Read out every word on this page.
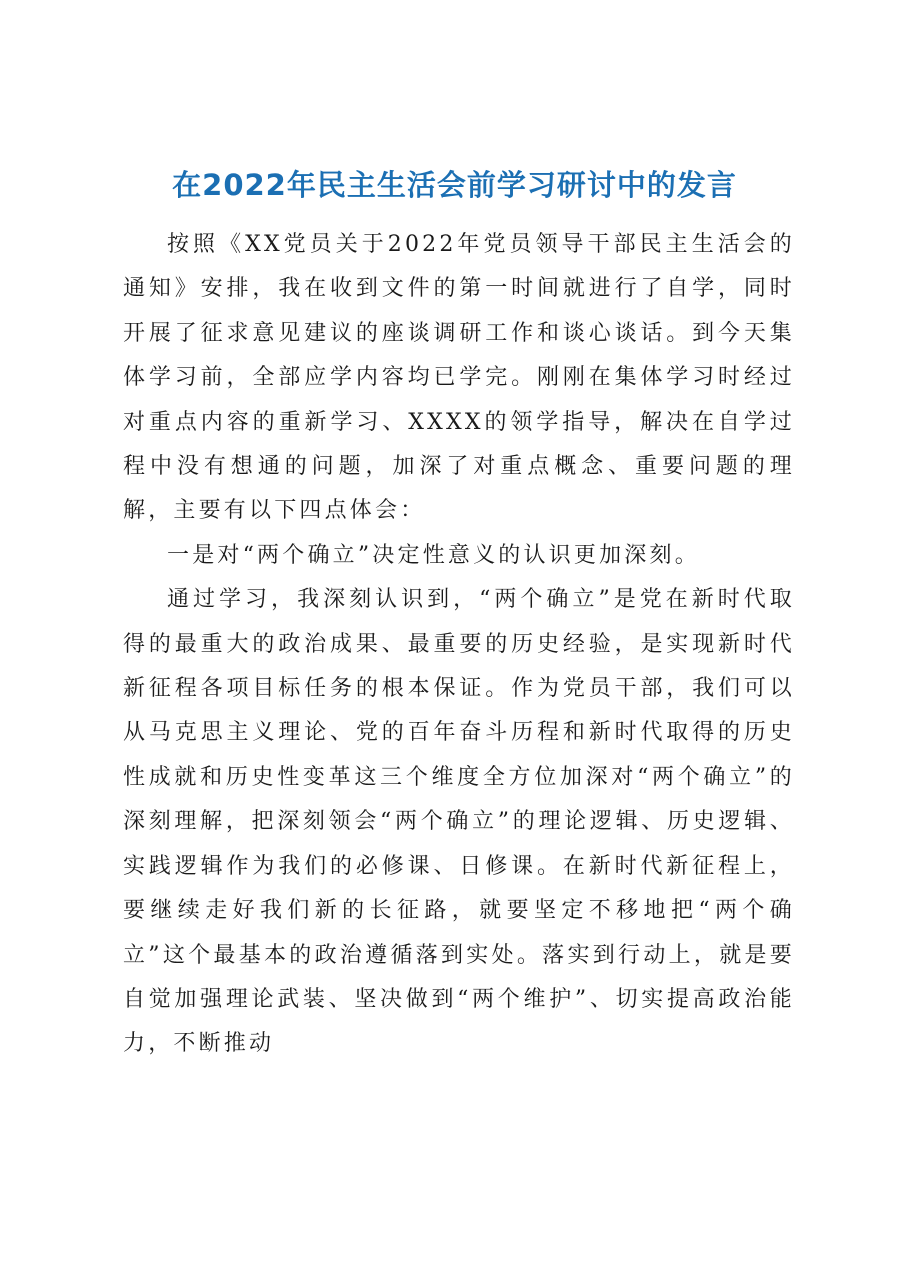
在2022年民主生活会前学习研讨中的发言

按照《XX党员关于2022年党员领导干部民主生活会的通知》安排，我在收到文件的第一时间就进行了自学，同时开展了征求意见建议的座谈调研工作和谈心谈话。到今天集体学习前，全部应学内容均已学完。刚刚在集体学习时经过对重点内容的重新学习、XXXX的领学指导，解决在自学过程中没有想通的问题，加深了对重点概念、重要问题的理解，主要有以下四点体会：

一是对“两个确立”决定性意义的认识更加深刻。

通过学习，我深刻认识到，“两个确立”是党在新时代取得的最重大的政治成果、最重要的历史经验，是实现新时代新征程各项目标任务的根本保证。作为党员干部，我们可以从马克思主义理论、党的百年奋斗历程和新时代取得的历史性成就和历史性变革这三个维度全方位加深对“两个确立”的深刻理解，把深刻领会“两个确立”的理论逻辑、历史逻辑、实践逻辑作为我们的必修课、日修课。在新时代新征程上，要继续走好我们新的长征路，就要坚定不移地把“两个确立”这个最基本的政治遵循落到实处。落实到行动上，就是要自觉加强理论武装、坚决做到“两个维护”、切实提高政治能力，不断推动
